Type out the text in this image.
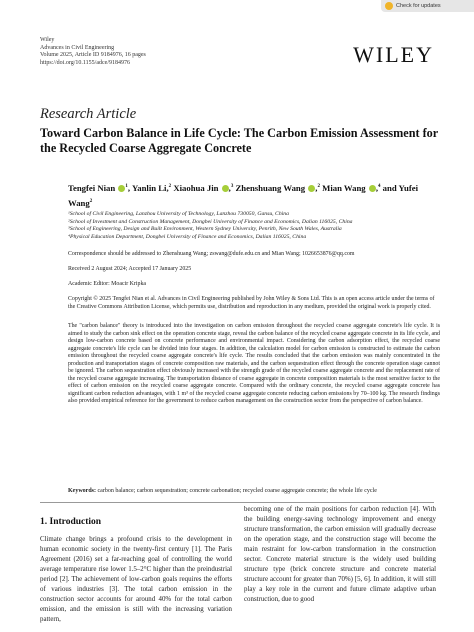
Check for updates
Wiley
Advances in Civil Engineering
Volume 2025, Article ID 9184976, 16 pages
https://doi.org/10.1155/adce/9184976	WILEY
Research Article
Toward Carbon Balance in Life Cycle: The Carbon Emission Assessment for the Recycled Coarse Aggregate Concrete
Tengfei Nian $^1$, Yanlin Li,$^2$ Xiaohua Jin ,$^3$ Zhenshuang Wang ,$^2$ Mian Wang ,$^4$ and Yufei Wang$^2$
¹School of Civil Engineering, Lanzhou University of Technology, Lanzhou 730050, Gansu, China
²School of Investment and Construction Management, Dongbei University of Finance and Economics, Dalian 116025, China
³School of Engineering, Design and Built Environment, Western Sydney University, Penrith, New South Wales, Australia
⁴Physical Education Department, Dongbei University of Finance and Economics, Dalian 116025, China
Correspondence should be addressed to Zhenshuang Wang; zswang@dufe.edu.cn and Mian Wang; 1026653876@qq.com
Received 2 August 2024; Accepted 17 January 2025
Academic Editor: Moacir Kripka
Copyright © 2025 Tengfei Nian et al. Advances in Civil Engineering published by John Wiley & Sons Ltd. This is an open access article under the terms of the Creative Commons Attribution License, which permits use, distribution and reproduction in any medium, provided the original work is properly cited.

The "carbon balance" theory is introduced into the investigation on carbon emission throughout the recycled coarse aggregate concrete's life cycle. It is aimed to study the carbon sink effect on the operation concrete stage, reveal the carbon balance of the recycled coarse aggregate concrete in its life cycle, and design low-carbon concrete based on concrete performance and environmental impact. Considering the carbon adsorption effect, the recycled coarse aggregate concrete's life cycle can be divided into four stages. In addition, the calculation model for carbon emission is constructed to estimate the carbon emission throughout the recycled coarse aggregate concrete's life cycle. The results concluded that the carbon emission was mainly concentrated in the production and transportation stages of concrete composition raw materials, and the carbon sequestration effect through the concrete operation stage cannot be ignored. The carbon sequestration effect obviously increased with the strength grade of the recycled coarse aggregate concrete and the replacement rate of the recycled coarse aggregate increasing. The transportation distance of coarse aggregate in concrete composition materials is the most sensitive factor to the effect of carbon emission on the recycled coarse aggregate concrete. Compared with the ordinary concrete, the recycled coarse aggregate concrete has significant carbon reduction advantages, with 1 m³ of the recycled coarse aggregate concrete reducing carbon emissions by 70–100 kg. The research findings also provided empirical reference for the government to reduce carbon management on the construction sector from the perspective of carbon balance.

Keywords: carbon balance; carbon sequestration; concrete carbonation; recycled coarse aggregate concrete; the whole life cycle
1. Introduction

Climate change brings a profound crisis to the development in human economic society in the twenty-first century [1]. The Paris Agreement (2016) set a far-reaching goal of controlling the world average temperature rise lower 1.5–2°C higher than the preindustrial period [2]. The achievement of low-carbon goals requires the efforts of various industries [3]. The total carbon emission in the construction sector accounts for around 40% for the total carbon emission, and the emission is still with the increasing variation pattern,

becoming one of the main positions for carbon reduction [4]. With the building energy-saving technology improvement and energy structure transformation, the carbon emission will gradually decrease on the operation stage, and the construction stage will become the main restraint for low-carbon transformation in the construction sector. Concrete material structure is the widely used building structure type (brick concrete structure and concrete material structure account for greater than 70%) [5, 6]. In addition, it will still play a key role in the current and future climate adaptive urban construction, due to good
